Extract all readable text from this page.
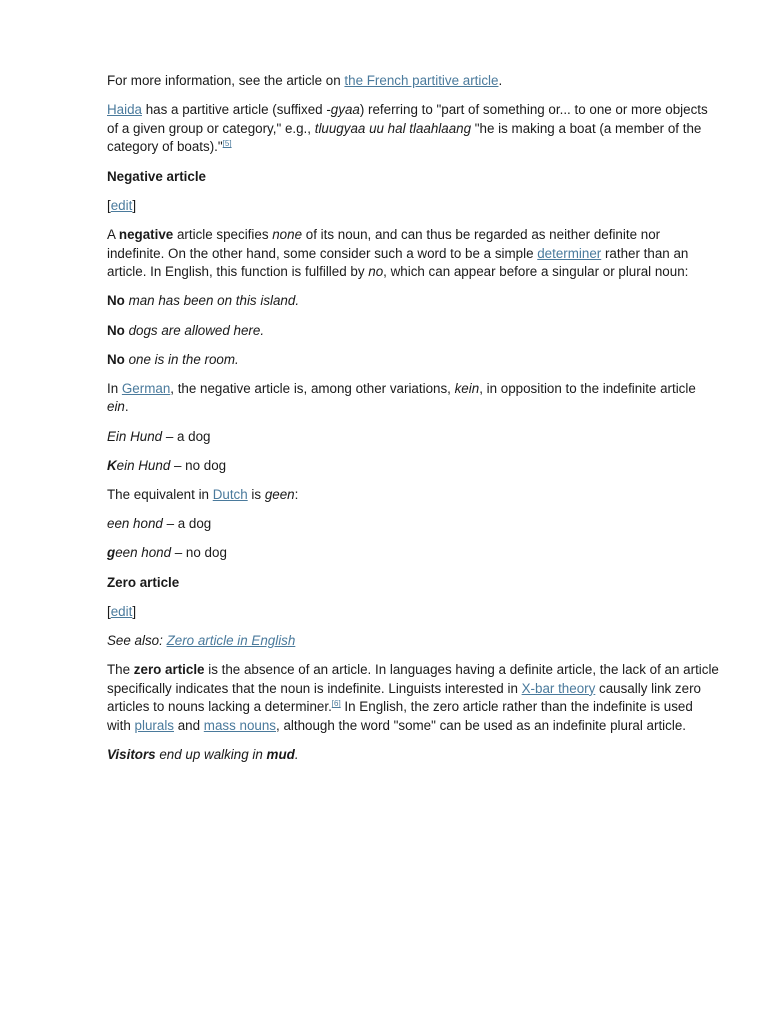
For more information, see the article on the French partitive article.

Haida has a partitive article (suffixed -gyaa) referring to "part of something or... to one or more objects of a given group or category," e.g., tluugyaa uu hal tlaahlaang "he is making a boat (a member of the category of boats)."[5]

Negative article

[edit]

A negative article specifies none of its noun, and can thus be regarded as neither definite nor indefinite. On the other hand, some consider such a word to be a simple determiner rather than an article. In English, this function is fulfilled by no, which can appear before a singular or plural noun:

No man has been on this island.

No dogs are allowed here.

No one is in the room.

In German, the negative article is, among other variations, kein, in opposition to the indefinite article ein.

Ein Hund – a dog

Kein Hund – no dog

The equivalent in Dutch is geen:

een hond – a dog

geen hond – no dog

Zero article

[edit]

See also: Zero article in English

The zero article is the absence of an article. In languages having a definite article, the lack of an article specifically indicates that the noun is indefinite. Linguists interested in X-bar theory causally link zero articles to nouns lacking a determiner.[6] In English, the zero article rather than the indefinite is used with plurals and mass nouns, although the word "some" can be used as an indefinite plural article.

Visitors end up walking in mud.
